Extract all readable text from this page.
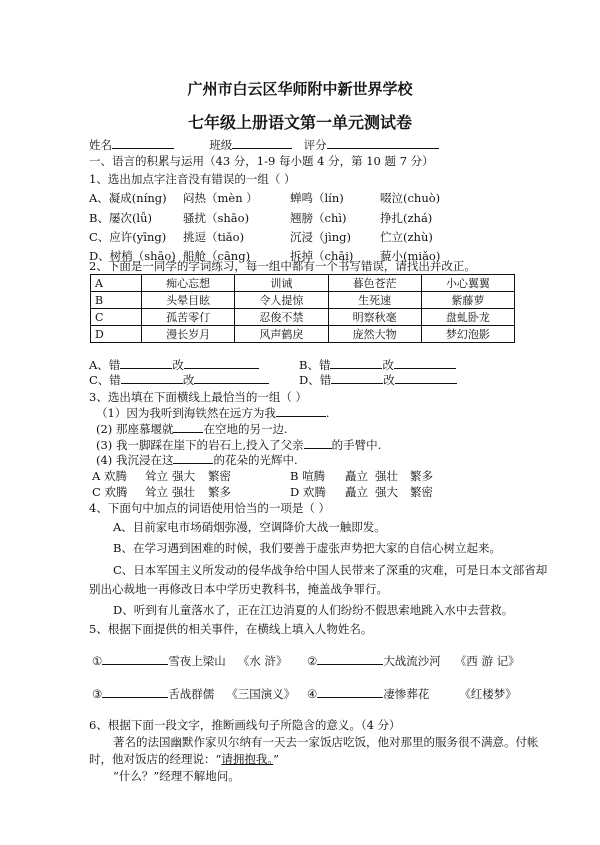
广州市白云区华师附中新世界学校
七年级上册语文第一单元测试卷
姓名	班级	评分
一、语言的积累与运用（43 分，1-9 每小题 4 分，第 10 题 7 分）
1、选出加点字注音没有错误的一组（ ）
A、凝成(níng) 闷热（mèn ）	蝉鸣（lín)	啜泣(chuò)
B、屡次(lǚ)	骚扰（shāo)	翘膀（chì)	挣扎(zhá)
C、应许(yīng) 挑逗（tiǎo)	沉浸（jìng)	伫立(zhù)
D、树梢（shāo) 船舱（cāng)	拆掉（chāi) 藐小(miǎo)
2、下面是一同学的字词练习，每一组中都有一个书写错误，请找出并改正。
A	痴心忘想	训诫	暮色苍茫	小心翼翼
B	头晕目眩	令人提惊	生死速	紫藤萝
C	孤苦零仃	忍俊不禁	明察秋毫	盘虬卧龙
D	漫长岁月	风声鹤戾	庞然大物	梦幻泡影
A、错	改	B、错	改
C、错	改	D、错	改
3、选出填在下面横线上最恰当的一组（ ）
（1）因为我听到海铁然在远方为我	.
(2) 那座慕堰就	在空地的另一边.
(3) 我一脚踩在崖下的岩石上,投入了父亲 的手臂中.
(4) 我沉浸在这	的花朵的光辉中.
A 欢腾 耸立 强大 繁密	B 喧腾 矗立 强壮 繁多
C 欢腾 耸立 强壮 繁多	D 欢腾 矗立 强大 繁密
4、下面句中加点的词语使用恰当的一项是（ ）
A、目前家电市场硝烟弥漫，空调降价大战一触即发。
B、在学习遇到困难的时候，我们要善于虚张声势把大家的自信心树立起来。
C、日本军国主义所发动的侵华战争给中国人民带来了深重的灾难，可是日本文部省却
别出心裁地一再修改日本中学历史教科书，掩盖战争罪行。
D、听到有儿童落水了，正在江边消夏的人们纷纷不假思索地跳入水中去营救。
5、根据下面提供的相关事件，在横线上填入人物姓名。
①	雪夜上梁山 《水 浒》 ②	大战流沙河 《西 游 记》
③	舌战群儒 《三国演义》 ④	凄惨葬花	《红楼梦》
6、根据下面一段文字，推断画线句子所隐含的意义。（4 分）
著名的法国幽默作家贝尔纳有一天去一家饭店吃饭，他对那里的服务很不满意。付帐
时，他对饭店的经理说：“请拥抱我。”
“什么？”经理不解地问。
